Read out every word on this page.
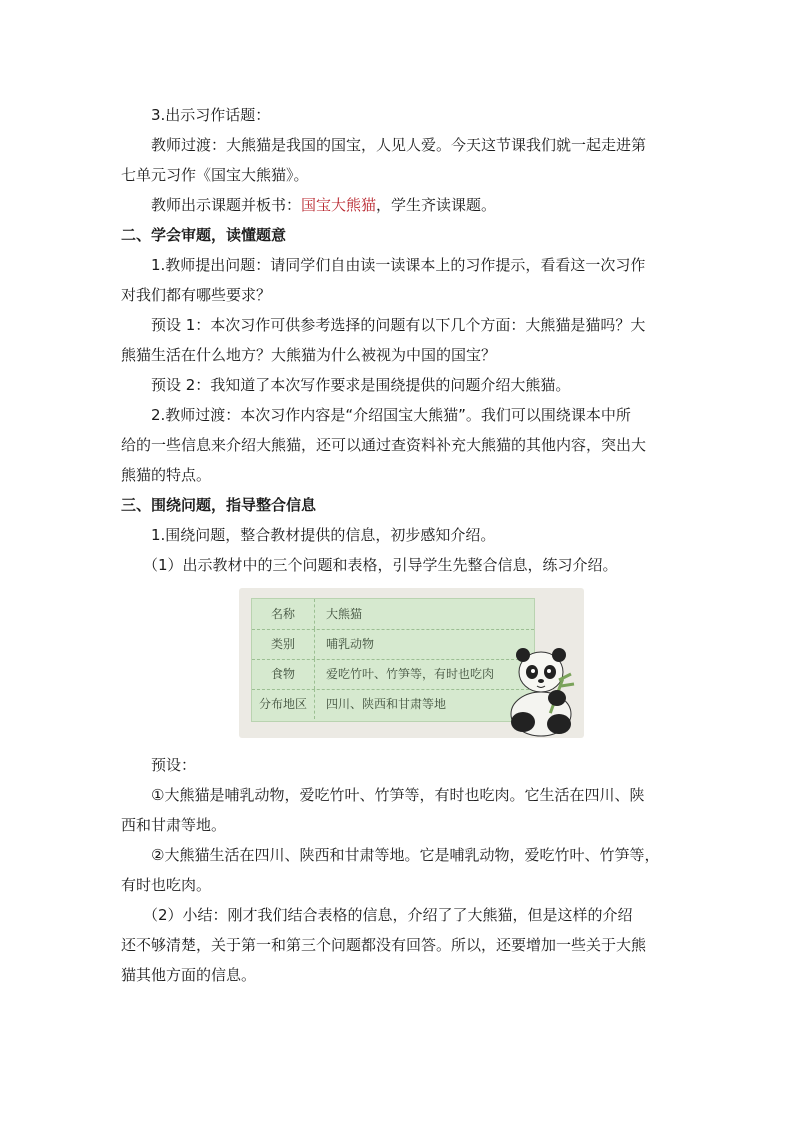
3.出示习作话题：

教师过渡：大熊猫是我国的国宝，人见人爱。今天这节课我们就一起走进第

七单元习作《国宝大熊猫》。

教师出示课题并板书：国宝大熊猫，学生齐读课题。

二、学会审题，读懂题意

1.教师提出问题：请同学们自由读一读课本上的习作提示，看看这一次习作

对我们都有哪些要求？

预设 1：本次习作可供参考选择的问题有以下几个方面：大熊猫是猫吗？大

熊猫生活在什么地方？大熊猫为什么被视为中国的国宝？

预设 2：我知道了本次写作要求是围绕提供的问题介绍大熊猫。

2.教师过渡：本次习作内容是“介绍国宝大熊猫”。我们可以围绕课本中所

给的一些信息来介绍大熊猫，还可以通过查资料补充大熊猫的其他内容，突出大

熊猫的特点。

三、围绕问题，指导整合信息

1.围绕问题，整合教材提供的信息，初步感知介绍。

（1）出示教材中的三个问题和表格，引导学生先整合信息，练习介绍。

名称	大熊猫
类别	哺乳动物
食物	爱吃竹叶、竹笋等，有时也吃肉
分布地区	四川、陕西和甘肃等地

预设：

①大熊猫是哺乳动物，爱吃竹叶、竹笋等，有时也吃肉。它生活在四川、陕

西和甘肃等地。

②大熊猫生活在四川、陕西和甘肃等地。它是哺乳动物，爱吃竹叶、竹笋等，

有时也吃肉。

（2）小结：刚才我们结合表格的信息，介绍了了大熊猫，但是这样的介绍

还不够清楚，关于第一和第三个问题都没有回答。所以，还要增加一些关于大熊

猫其他方面的信息。
